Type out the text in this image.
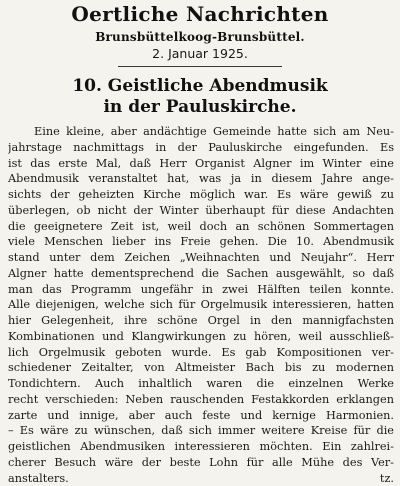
Oertliche Nachrichten
Brunsbüttelkoog-Brunsbüttel.
2. Januar 1925.
10. Geistliche Abendmusik
in der Pauluskirche.
Eine kleine, aber andächtige Gemeinde hatte sich am Neu-
jahrstage nachmittags in der Pauluskirche eingefunden. Es
ist das erste Mal, daß Herr Organist Algner im Winter eine
Abendmusik veranstaltet hat, was ja in diesem Jahre ange-
sichts der geheizten Kirche möglich war. Es wäre gewiß zu
überlegen, ob nicht der Winter überhaupt für diese Andachten
die geeignetere Zeit ist, weil doch an schönen Sommertagen
viele Menschen lieber ins Freie gehen. Die 10. Abendmusik
stand unter dem Zeichen „Weihnachten und Neujahr“. Herr
Algner hatte dementsprechend die Sachen ausgewählt, so daß
man das Programm ungefähr in zwei Hälften teilen konnte.
Alle diejenigen, welche sich für Orgelmusik interessieren, hatten
hier Gelegenheit, ihre schöne Orgel in den mannigfachsten
Kombinationen und Klangwirkungen zu hören, weil ausschließ-
lich Orgelmusik geboten wurde. Es gab Kompositionen ver-
schiedener Zeitalter, von Altmeister Bach bis zu modernen
Tondichtern. Auch inhaltlich waren die einzelnen Werke
recht verschieden: Neben rauschenden Festakkorden erklangen
zarte und innige, aber auch feste und kernige Harmonien.
– Es wäre zu wünschen, daß sich immer weitere Kreise für die
geistlichen Abendmusiken interessieren möchten. Ein zahlrei-
cherer Besuch wäre der beste Lohn für alle Mühe des Ver-
anstalters.	tz.
